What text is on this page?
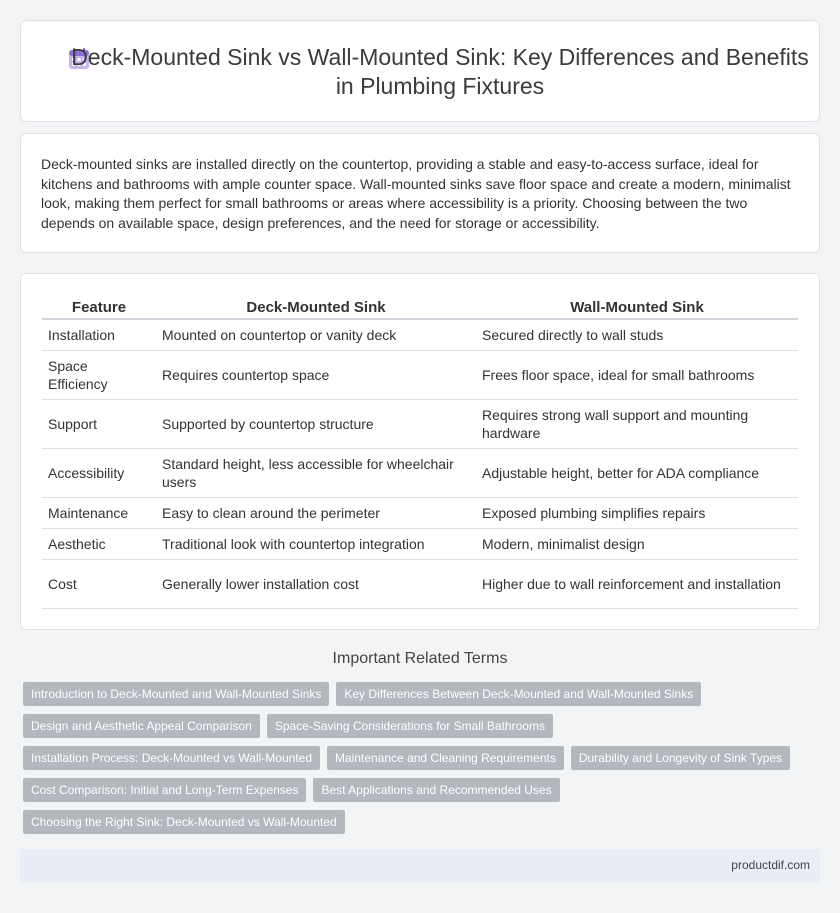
Deck-Mounted Sink vs Wall-Mounted Sink: Key Differences and Benefits in Plumbing Fixtures

Deck-mounted sinks are installed directly on the countertop, providing a stable and easy-to-access surface, ideal for kitchens and bathrooms with ample counter space. Wall-mounted sinks save floor space and create a modern, minimalist look, making them perfect for small bathrooms or areas where accessibility is a priority. Choosing between the two depends on available space, design preferences, and the need for storage or accessibility.

Feature	Deck-Mounted Sink	Wall-Mounted Sink
Installation	Mounted on countertop or vanity deck	Secured directly to wall studs
Space Efficiency	Requires countertop space	Frees floor space, ideal for small bathrooms
Support	Supported by countertop structure	Requires strong wall support and mounting hardware
Accessibility	Standard height, less accessible for wheelchair users	Adjustable height, better for ADA compliance
Maintenance	Easy to clean around the perimeter	Exposed plumbing simplifies repairs
Aesthetic	Traditional look with countertop integration	Modern, minimalist design
Cost	Generally lower installation cost	Higher due to wall reinforcement and installation
Important Related Terms
Introduction to Deck-Mounted and Wall-Mounted Sinks	Key Differences Between Deck-Mounted and Wall-Mounted Sinks
Design and Aesthetic Appeal Comparison	Space-Saving Considerations for Small Bathrooms
Installation Process: Deck-Mounted vs Wall-Mounted	Maintenance and Cleaning Requirements	Durability and Longevity of Sink Types
Cost Comparison: Initial and Long-Term Expenses	Best Applications and Recommended Uses
Choosing the Right Sink: Deck-Mounted vs Wall-Mounted
productdif.com
